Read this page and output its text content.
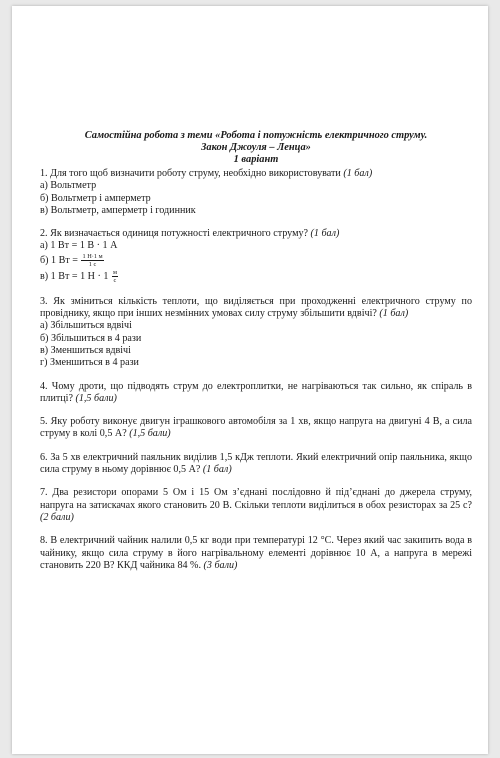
Самостійна робота з теми «Робота і потужність електричного струму.
Закон Джоуля – Ленца»
1 варіант
1. Для того щоб визначити роботу струму, необхідно використовувати (1 бал)
а) Вольтметр
б) Вольтметр і амперметр
в) Вольтметр, амперметр і годинник
2. Як визначається одиниця потужності електричного струму? (1 бал)
а) 1 Вт = 1 В · 1 А
б) 1 Вт = $\frac{1 Н\cdot 1 м}{1 с}$
в) 1 Вт = 1 $Н \cdot 1 \frac{м}{с}$
3. Як зміниться кількість теплоти, що виділяється при проходженні електричного струму по провіднику, якщо при інших незмінних умовах силу струму збільшити вдвічі? (1 бал)
а) Збільшиться вдвічі
б) Збільшиться в 4 рази
в) Зменшиться вдвічі
г) Зменшиться в 4 рази
4. Чому дроти, що підводять струм до електроплитки, не нагріваються так сильно, як спіраль в плитці? (1,5 бали)
5. Яку роботу виконує двигун іграшкового автомобіля за 1 хв, якщо напруга на двигуні 4 В, а сила струму в колі 0,5 А? (1,5 бали)
6. За 5 хв електричний паяльник виділив 1,5 кДж теплоти. Який електричний опір паяльника, якщо сила струму в ньому дорівнює 0,5 А? (1 бал)
7. Два резистори опорами 5 Ом і 15 Ом з’єднані послідовно й під’єднані до джерела струму, напруга на затискачах якого становить 20 В. Скільки теплоти виділиться в обох резисторах за 25 с? (2 бали)
8. В електричний чайник налили 0,5 кг води при температурі 12 °С. Через який час закипить вода в чайнику, якщо сила струму в його нагрівальному елементі дорівнює 10 А, а напруга в мережі становить 220 В? ККД чайника 84 %. (3 бали)
